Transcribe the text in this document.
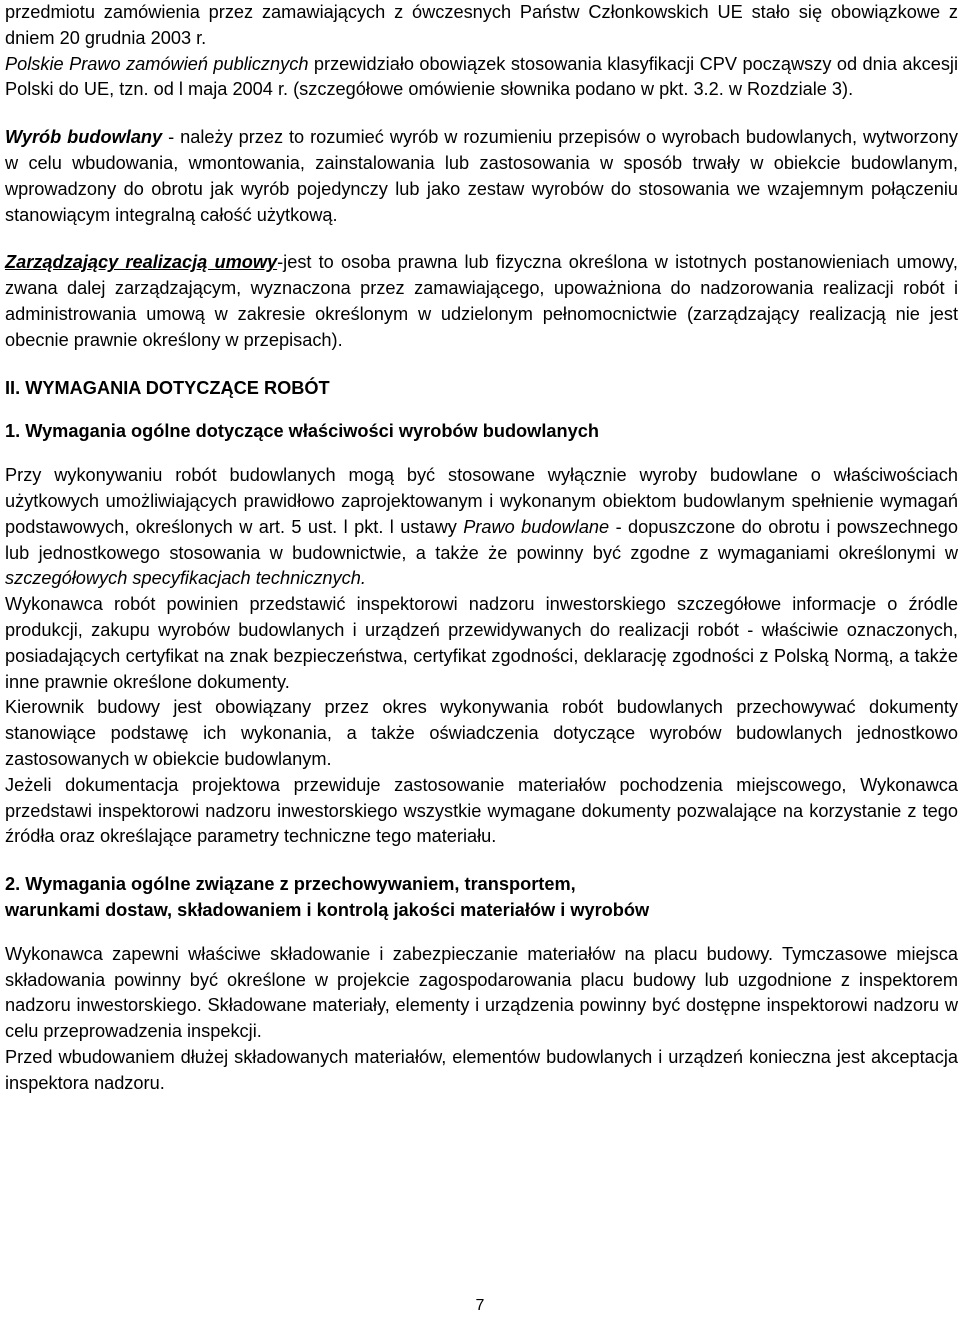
przedmiotu zamówienia przez zamawiających z ówczesnych Państw Członkowskich UE stało się obowiązkowe z dniem 20 grudnia 2003 r.

Polskie Prawo zamówień publicznych przewidziało obowiązek stosowania klasyfikacji CPV począwszy od dnia akcesji Polski do UE, tzn. od l maja 2004 r. (szczegółowe omówienie słownika podano w pkt. 3.2. w Rozdziale 3).

Wyrób budowlany - należy przez to rozumieć wyrób w rozumieniu przepisów o wyrobach budowlanych, wytworzony w celu wbudowania, wmontowania, zainstalowania lub zastosowania w sposób trwały w obiekcie budowlanym, wprowadzony do obrotu jak wyrób pojedynczy lub jako zestaw wyrobów do stosowania we wzajemnym połączeniu stanowiącym integralną całość użytkową.

Zarządzający realizacją umowy-jest to osoba prawna lub fizyczna określona w istotnych postanowieniach umowy, zwana dalej zarządzającym, wyznaczona przez zamawiającego, upoważniona do nadzorowania realizacji robót i administrowania umową w zakresie określonym w udzielonym pełnomocnictwie (zarządzający realizacją nie jest obecnie prawnie określony w przepisach).

II. WYMAGANIA DOTYCZĄCE ROBÓT
1. Wymagania ogólne dotyczące właściwości wyrobów budowlanych

Przy wykonywaniu robót budowlanych mogą być stosowane wyłącznie wyroby budowlane o właściwościach użytkowych umożliwiających prawidłowo zaprojektowanym i wykonanym obiektom budowlanym spełnienie wymagań podstawowych, określonych w art. 5 ust. l pkt. l ustawy Prawo budowlane - dopuszczone do obrotu i powszechnego lub jednostkowego stosowania w budownictwie, a także że powinny być zgodne z wymaganiami określonymi w szczegółowych specyfikacjach technicznych.

Wykonawca robót powinien przedstawić inspektorowi nadzoru inwestorskiego szczegółowe informacje o źródle produkcji, zakupu wyrobów budowlanych i urządzeń przewidywanych do realizacji robót - właściwie oznaczonych, posiadających certyfikat na znak bezpieczeństwa, certyfikat zgodności, deklarację zgodności z Polską Normą, a także inne prawnie określone dokumenty.

Kierownik budowy jest obowiązany przez okres wykonywania robót budowlanych przechowywać dokumenty stanowiące podstawę ich wykonania, a także oświadczenia dotyczące wyrobów budowlanych jednostkowo zastosowanych w obiekcie budowlanym.

Jeżeli dokumentacja projektowa przewiduje zastosowanie materiałów pochodzenia miejscowego, Wykonawca przedstawi inspektorowi nadzoru inwestorskiego wszystkie wymagane dokumenty pozwalające na korzystanie z tego źródła oraz określające parametry techniczne tego materiału.

2. Wymagania ogólne związane z przechowywaniem, transportem,
warunkami dostaw, składowaniem i kontrolą jakości materiałów i wyrobów

Wykonawca zapewni właściwe składowanie i zabezpieczanie materiałów na placu budowy. Tymczasowe miejsca składowania powinny być określone w projekcie zagospodarowania placu budowy lub uzgodnione z inspektorem nadzoru inwestorskiego. Składowane materiały, elementy i urządzenia powinny być dostępne inspektorowi nadzoru w celu przeprowadzenia inspekcji.

Przed wbudowaniem dłużej składowanych materiałów, elementów budowlanych i urządzeń konieczna jest akceptacja inspektora nadzoru.

7
